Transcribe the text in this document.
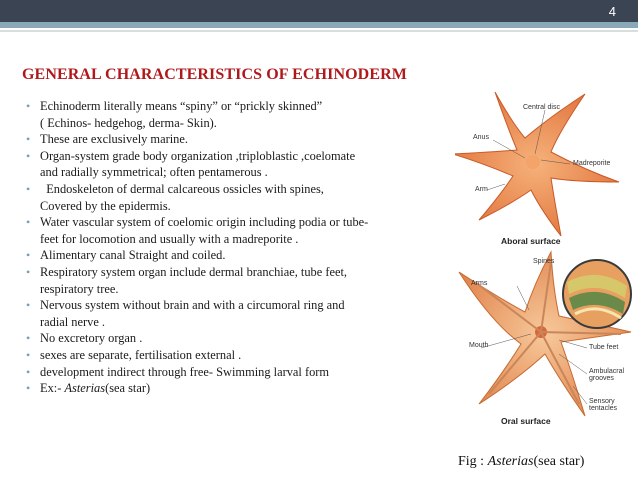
4
GENERAL CHARACTERISTICS OF ECHINODERM
• Echinoderm literally means “spiny” or “prickly skinned”
( Echinos- hedgehog, derma- Skin).
• These are exclusively marine.
• Organ-system grade body organization ,triploblastic ,coelomate
and radially symmetrical; often pentamerous .
•   Endoskeleton of dermal calcareous ossicles with spines,
Covered by the epidermis.
• Water vascular system of coelomic origin including podia or tube-
feet for locomotion and usually with a madreporite .
• Alimentary canal Straight and coiled.
• Respiratory system organ include dermal branchiae, tube feet,
respiratory tree.
• Nervous system without brain and with a circumoral ring and
radial nerve .
• No excretory organ .
• sexes are separate, fertilisation external .
• development indirect through free- Swimming larval form
• Ex:- Asterias(sea star)
Central disc
Anus
Madreporite
Arm
Aboral surface
Spines
Arms
Mouth	Tube feet
Ambulacral
grooves
Sensory
tentacles
Oral surface
Fig : Asterias(sea star)
